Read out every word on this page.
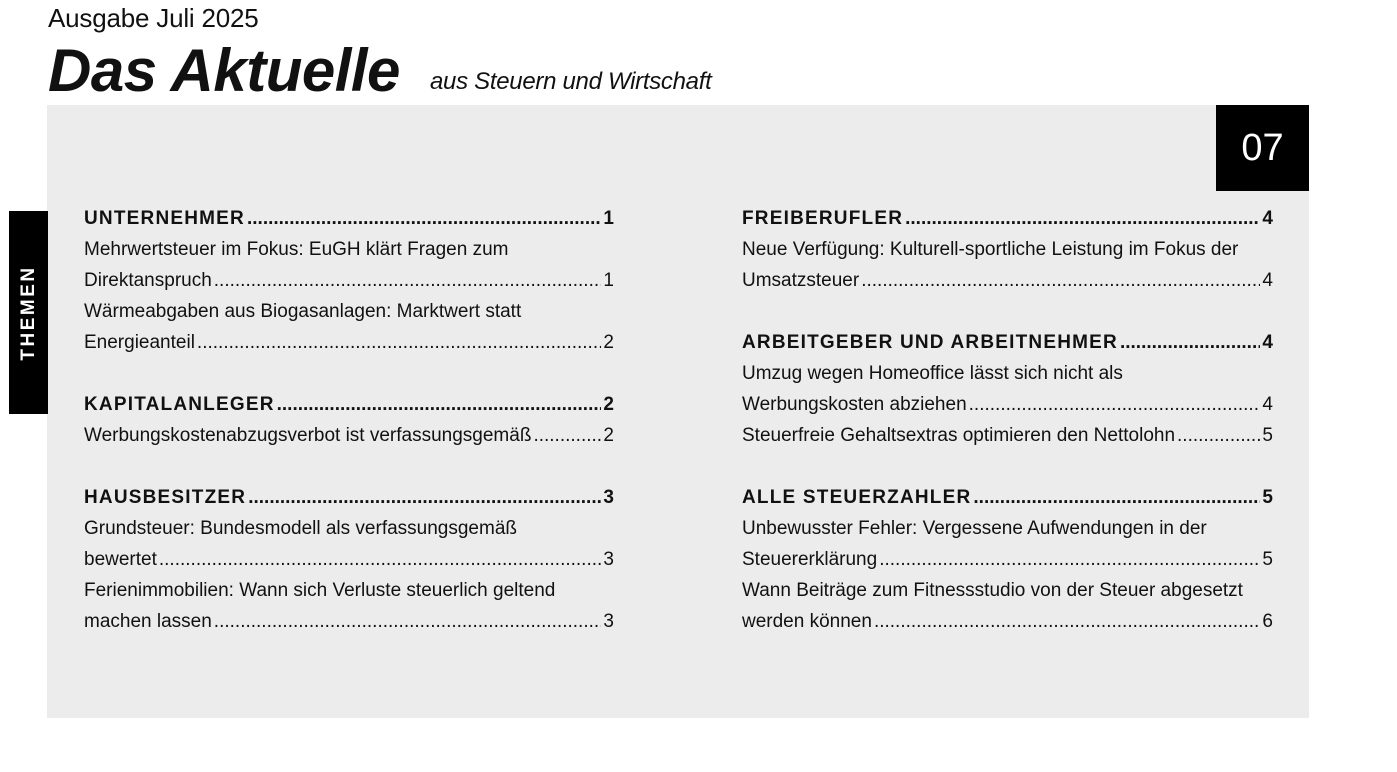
Ausgabe Juli 2025
Das Aktuelle aus Steuern und Wirtschaft
07
THEMEN
UNTERNEHMER .....	1
Mehrwertsteuer im Fokus: EuGH klärt Fragen zum
Direktanspruch .....	1
Wärmeabgaben aus Biogasanlagen: Marktwert statt
Energieanteil .....	2
KAPITALANLEGER .....	2
Werbungskostenabzugsverbot ist verfassungsgemäß .....	2
HAUSBESITZER .....	3
Grundsteuer: Bundesmodell als verfassungsgemäß
bewertet .....	3
Ferienimmobilien: Wann sich Verluste steuerlich geltend
machen lassen .....	3
FREIBERUFLER .....	4
Neue Verfügung: Kulturell-sportliche Leistung im Fokus der
Umsatzsteuer .....	4
ARBEITGEBER UND ARBEITNEHMER .....	4
Umzug wegen Homeoffice lässt sich nicht als
Werbungskosten abziehen .....	4
Steuerfreie Gehaltsextras optimieren den Nettolohn .....	5
ALLE STEUERZAHLER .....	5
Unbewusster Fehler: Vergessene Aufwendungen in der
Steuererklärung .....	5
Wann Beiträge zum Fitnessstudio von der Steuer abgesetzt
werden können .....	6
